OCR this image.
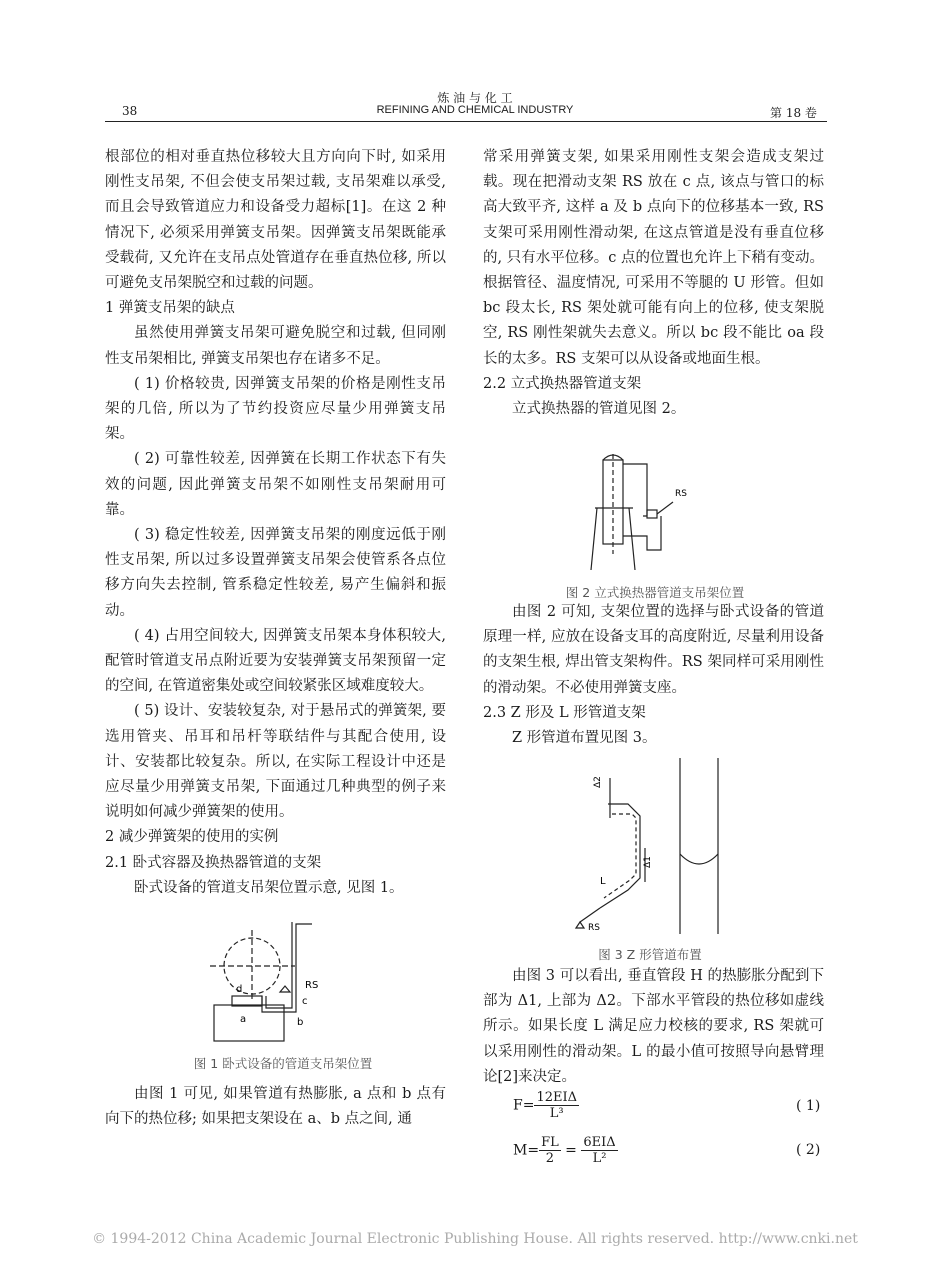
炼 油 与 化 工
38	REFINING AND CHEMICAL INDUSTRY	第 18 卷

根部位的相对垂直热位移较大且方向向下时, 如采用刚性支吊架, 不但会使支吊架过载, 支吊架难以承受, 而且会导致管道应力和设备受力超标[1]。在这 2 种情况下, 必须采用弹簧支吊架。因弹簧支吊架既能承受载荷, 又允许在支吊点处管道存在垂直热位移, 所以可避免支吊架脱空和过载的问题。

1 弹簧支吊架的缺点

虽然使用弹簧支吊架可避免脱空和过载, 但同刚性支吊架相比, 弹簧支吊架也存在诸多不足。

( 1) 价格较贵, 因弹簧支吊架的价格是刚性支吊架的几倍, 所以为了节约投资应尽量少用弹簧支吊架。

( 2) 可靠性较差, 因弹簧在长期工作状态下有失效的问题, 因此弹簧支吊架不如刚性支吊架耐用可靠。

( 3) 稳定性较差, 因弹簧支吊架的刚度远低于刚性支吊架, 所以过多设置弹簧支吊架会使管系各点位移方向失去控制, 管系稳定性较差, 易产生偏斜和振动。

( 4) 占用空间较大, 因弹簧支吊架本身体积较大, 配管时管道支吊点附近要为安装弹簧支吊架预留一定的空间, 在管道密集处或空间较紧张区域难度较大。

( 5) 设计、安装较复杂, 对于悬吊式的弹簧架, 要选用管夹、吊耳和吊杆等联结件与其配合使用, 设计、安装都比较复杂。所以, 在实际工程设计中还是应尽量少用弹簧支吊架, 下面通过几种典型的例子来说明如何减少弹簧架的使用。

2 减少弹簧架的使用的实例

2.1 卧式容器及换热器管道的支架

卧式设备的管道支吊架位置示意, 见图 1。

RS
c
d
a	b
图 1 卧式设备的管道支吊架位置

由图 1 可见, 如果管道有热膨胀, a 点和 b 点有向下的热位移; 如果把支架设在 a、b 点之间, 通

常采用弹簧支架, 如果采用刚性支架会造成支架过载。现在把滑动支架 RS 放在 c 点, 该点与管口的标高大致平齐, 这样 a 及 b 点向下的位移基本一致, RS 支架可采用刚性滑动架, 在这点管道是没有垂直位移的, 只有水平位移。c 点的位置也允许上下稍有变动。根据管径、温度情况, 可采用不等腿的 U 形管。但如 bc 段太长, RS 架处就可能有向上的位移, 使支架脱空, RS 刚性架就失去意义。所以 bc 段不能比 oa 段长的太多。RS 支架可以从设备或地面生根。

2.2 立式换热器管道支架

立式换热器的管道见图 2。

RS
图 2 立式换热器管道支吊架位置

由图 2 可知, 支架位置的选择与卧式设备的管道原理一样, 应放在设备支耳的高度附近, 尽量利用设备的支架生根, 焊出管支架构件。RS 架同样可采用刚性的滑动架。不必使用弹簧支座。

2.3 Z 形及 L 形管道支架

Z 形管道布置见图 3。

Δ2
Δ1
L
RS
图 3 Z 形管道布置

由图 3 可以看出, 垂直管段 H 的热膨胀分配到下部为 Δ1, 上部为 Δ2。下部水平管段的热位移如虚线所示。如果长度 L 满足应力校核的要求, RS 架就可以采用刚性的滑动架。L 的最小值可按照导向悬臂理论[2]来决定。

$F= \frac{\text{12EIΔ}}{\text{L³}}$	( 1)
$M= \frac{FL}{2} = \frac{\text{6EIΔ}}{\text{L²}}$	( 2)
© 1994-2012 China Academic Journal Electronic Publishing House. All rights reserved. http://www.cnki.net
